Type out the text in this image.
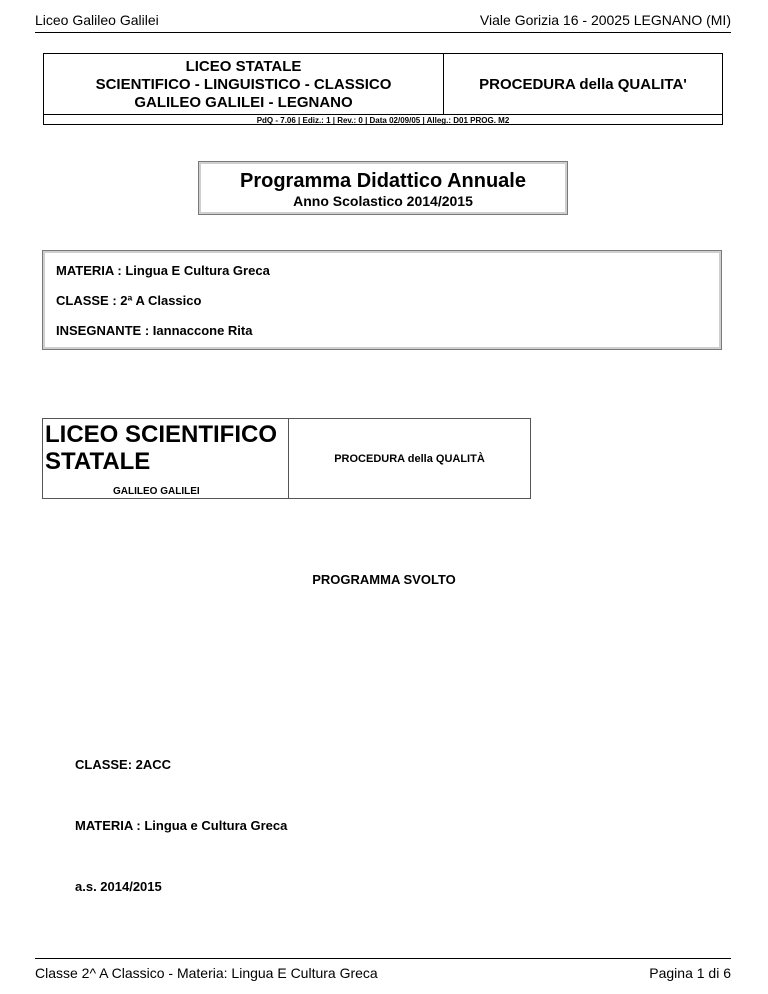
Liceo Galileo Galilei	Viale Gorizia 16 - 20025 LEGNANO (MI)
LICEO STATALE
SCIENTIFICO - LINGUISTICO - CLASSICO
GALILEO GALILEI - LEGNANO
PROCEDURA della QUALITA'
PdQ - 7.06 | Ediz.: 1 | Rev.: 0 | Data 02/09/05 | Alleg.: D01 PROG. M2
Programma Didattico Annuale
Anno Scolastico 2014/2015
MATERIA : Lingua E Cultura Greca
CLASSE : 2ª A Classico
INSEGNANTE : Iannaccone Rita
LICEO SCIENTIFICO
STATALE
GALILEO GALILEI
PROCEDURA della QUALITÀ
PROGRAMMA SVOLTO
CLASSE: 2ACC
MATERIA : Lingua e Cultura Greca
a.s. 2014/2015
Classe 2^ A Classico - Materia: Lingua E Cultura Greca	Pagina 1 di 6
